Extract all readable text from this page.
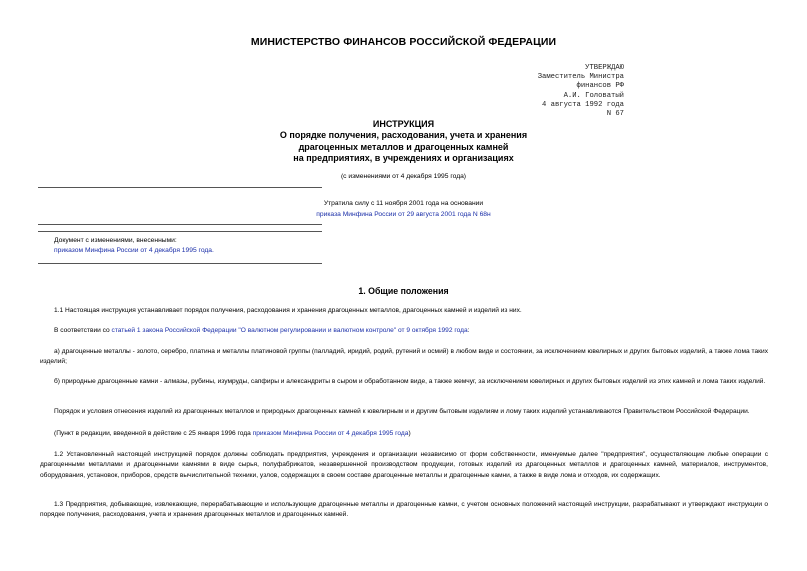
МИНИСТЕРСТВО ФИНАНСОВ РОССИЙСКОЙ ФЕДЕРАЦИИ
УТВЕРЖДАЮ
Заместитель Министра
финансов РФ
А.И. Головатый
4 августа 1992 года
N 67
ИНСТРУКЦИЯ
О порядке получения, расходования, учета и хранения
драгоценных металлов и драгоценных камней
на предприятиях, в учреждениях и организациях
(с изменениями от 4 декабря 1995 года)
Утратила силу с 11 ноября 2001 года на основании
приказа Минфина России от 29 августа 2001 года N 68н
Документ с изменениями, внесенными:
приказом Минфина России от 4 декабря 1995 года.
1. Общие положения
1.1 Настоящая инструкция устанавливает порядок получения, расходования и хранения драгоценных металлов, драгоценных камней и изделий из них.
В соответствии со статьей 1 закона Российской Федерации "О валютном регулировании и валютном контроле" от 9 октября 1992 года:
а) драгоценные металлы - золото, серебро, платина и металлы платиновой группы (палладий, иридий, родий, рутений и осмий) в любом виде и состоянии, за исключением ювелирных и других бытовых изделий, а также лома таких изделий;
б) природные драгоценные камни - алмазы, рубины, изумруды, сапфиры и александриты в сыром и обработанном виде, а также жемчуг, за исключением ювелирных и других бытовых изделий из этих камней и лома таких изделий.
Порядок и условия отнесения изделий из драгоценных металлов и природных драгоценных камней к ювелирным и и другим бытовым изделиям и лому таких изделий устанавливаются Правительством Российской Федерации.
(Пункт в редакции, введенной в действие с 25 января 1996 года приказом Минфина России от 4 декабря 1995 года)
1.2 Установленный настоящей инструкцией порядок должны соблюдать предприятия, учреждения и организации независимо от форм собственности, именуемые далее "предприятия", осуществляющие любые операции с драгоценными металлами и драгоценными камнями в виде сырья, полуфабрикатов, незавершенной производством продукции, готовых изделий из драгоценных металлов и драгоценных камней, материалов, инструментов, оборудования, установок, приборов, средств вычислительной техники, узлов, содержащих в своем составе драгоценные металлы и драгоценные камни, а также в виде лома и отходов, их содержащих.
1.3 Предприятия, добывающие, извлекающие, перерабатывающие и использующие драгоценные металлы и драгоценные камни, с учетом основных положений настоящей инструкции, разрабатывают и утверждают инструкции о порядке получения, расходования, учета и хранения драгоценных металлов и драгоценных камней.
